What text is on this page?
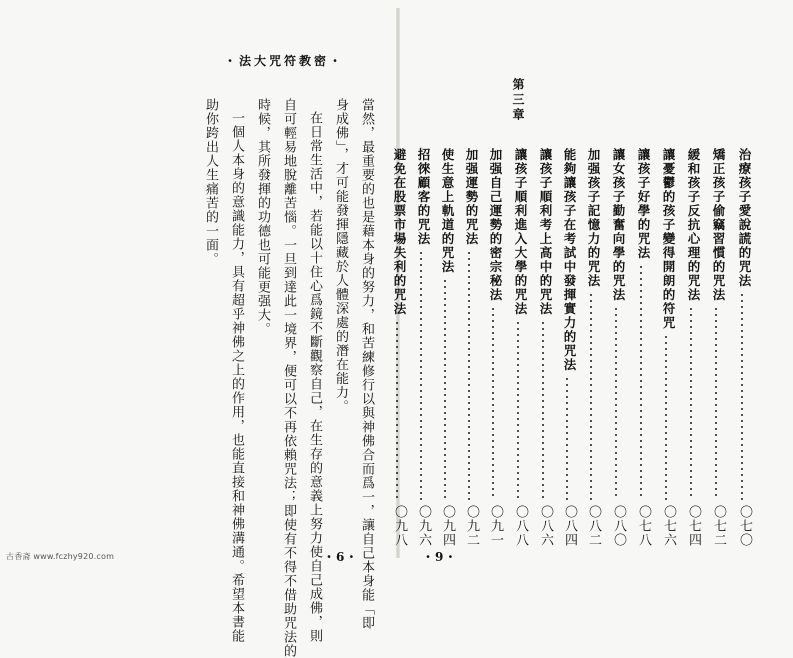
・法大咒符教密・
當然，最重要的也是藉本身的努力，和苦練修行以與神佛合而爲一，讓自己本身能「即
身成佛」，才可能發揮隱藏於人體深處的潛在能力。
在日常生活中，若能以十住心爲鏡不斷觀察自己，在生存的意義上努力使自己成佛，則
自可輕易地脫離苦惱。一旦到達此一境界，便可以不再依賴咒法；即使有不得不借助咒法的
時候，其所發揮的功德也可能更强大。
一個人本身的意識能力，具有超乎神佛之上的作用，也能直接和神佛溝通。希望本書能
助你跨出人生痛苦的一面。
・6・	・9・
第三章
治療孩子愛說謊的咒法
〇七〇
矯正孩子偷竊習慣的咒法
〇七二
緩和孩子反抗心理的咒法
〇七四
讓憂鬱的孩子變得開朗的符咒
〇七六
讓孩子好學的咒法
〇七八
讓女孩子勤奮向學的咒法
〇八〇
加强孩子記憶力的咒法
〇八二
能夠讓孩子在考試中發揮實力的咒法
〇八四
讓孩子順利考上高中的咒法
〇八六
讓孩子順利進入大學的咒法
〇八八
加强自己運勢的密宗秘法
〇九一
加强運勢的咒法
〇九二
使生意上軌道的咒法
〇九四
招徠顧客的咒法
〇九六
避免在股票市場失利的咒法
〇九八
古香斋 www.fczhy920.com
